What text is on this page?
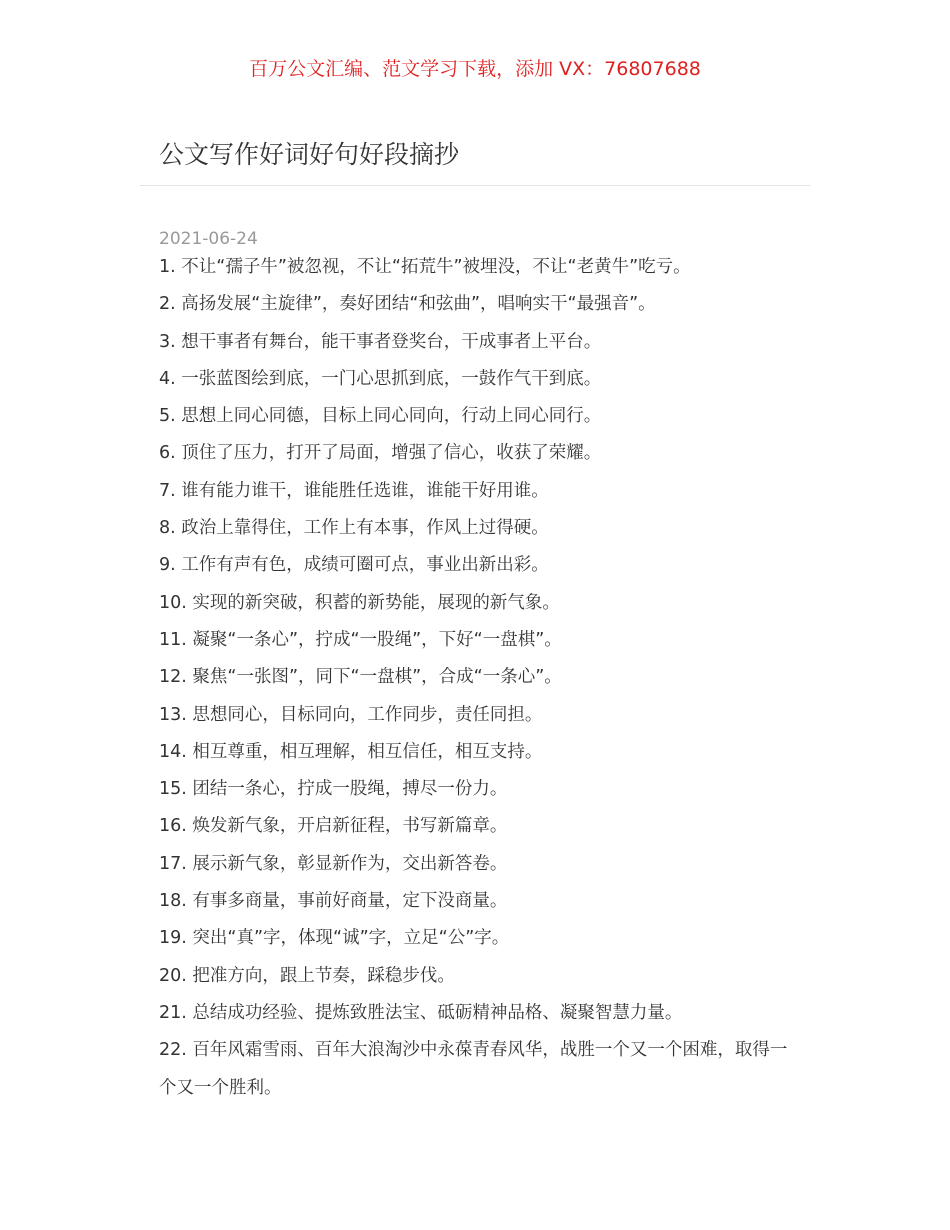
百万公文汇编、范文学习下载，添加 VX：76807688
公文写作好词好句好段摘抄
2021-06-24
1. 不让“孺子牛”被忽视，不让“拓荒牛”被埋没，不让“老黄牛”吃亏。
2. 高扬发展“主旋律”，奏好团结“和弦曲”，唱响实干“最强音”。
3. 想干事者有舞台，能干事者登奖台，干成事者上平台。
4. 一张蓝图绘到底，一门心思抓到底，一鼓作气干到底。
5. 思想上同心同德，目标上同心同向，行动上同心同行。
6. 顶住了压力，打开了局面，增强了信心，收获了荣耀。
7. 谁有能力谁干，谁能胜任选谁，谁能干好用谁。
8. 政治上靠得住，工作上有本事，作风上过得硬。
9. 工作有声有色，成绩可圈可点，事业出新出彩。
10. 实现的新突破，积蓄的新势能，展现的新气象。
11. 凝聚“一条心”，拧成“一股绳”，下好“一盘棋”。
12. 聚焦“一张图”，同下“一盘棋”，合成“一条心”。
13. 思想同心，目标同向，工作同步，责任同担。
14. 相互尊重，相互理解，相互信任，相互支持。
15. 团结一条心，拧成一股绳，搏尽一份力。
16. 焕发新气象，开启新征程，书写新篇章。
17. 展示新气象，彰显新作为，交出新答卷。
18. 有事多商量，事前好商量，定下没商量。
19. 突出“真”字，体现“诚”字，立足“公”字。
20. 把准方向，跟上节奏，踩稳步伐。
21. 总结成功经验、提炼致胜法宝、砥砺精神品格、凝聚智慧力量。
22. 百年风霜雪雨、百年大浪淘沙中永葆青春风华，战胜一个又一个困难，取得一个又一个胜利。
